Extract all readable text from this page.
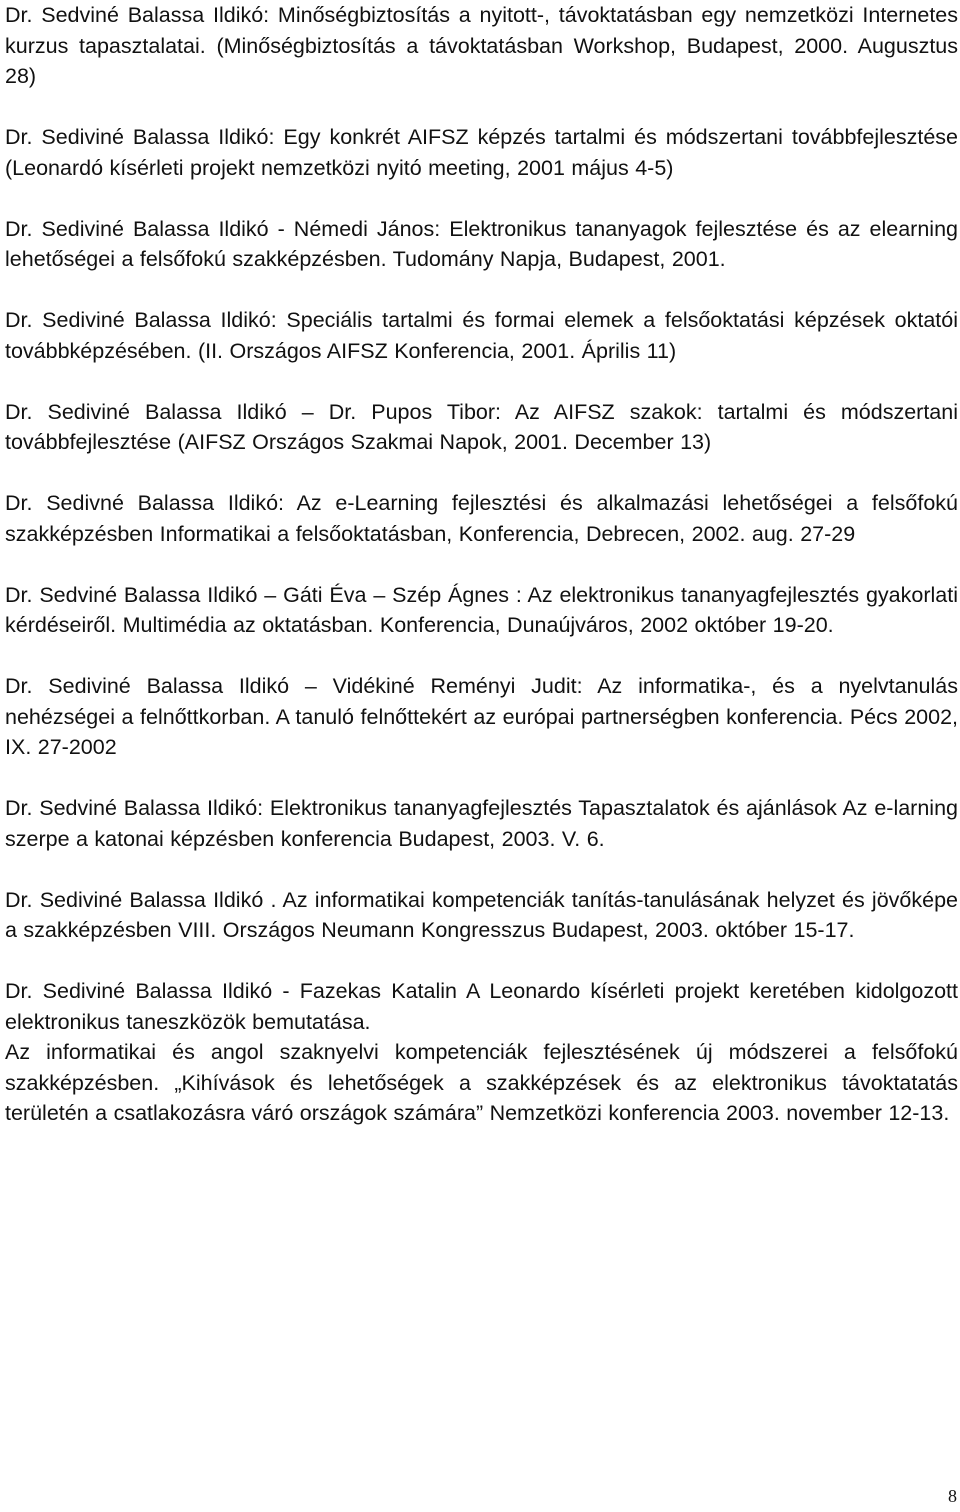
Dr. Sedviné Balassa Ildikó: Minőségbiztosítás a nyitott-, távoktatásban egy nemzetközi Internetes kurzus tapasztalatai. (Minőségbiztosítás a távoktatásban Workshop, Budapest, 2000. Augusztus 28)

Dr. Sediviné Balassa Ildikó: Egy konkrét AIFSZ képzés tartalmi és módszertani továbbfejlesztése (Leonardó kísérleti projekt nemzetközi nyitó meeting, 2001 május 4-5)

Dr. Sediviné Balassa Ildikó - Némedi János: Elektronikus tananyagok fejlesztése és az elearning lehetőségei a felsőfokú szakképzésben. Tudomány Napja, Budapest, 2001.

Dr. Sediviné Balassa Ildikó: Speciális tartalmi és formai elemek a felsőoktatási képzések oktatói továbbképzésében. (II. Országos AIFSZ Konferencia, 2001. Április 11)

Dr. Sediviné Balassa Ildikó – Dr. Pupos Tibor: Az AIFSZ szakok: tartalmi és módszertani továbbfejlesztése (AIFSZ Országos Szakmai Napok, 2001. December 13)

Dr. Sedivné Balassa Ildikó: Az e-Learning fejlesztési és alkalmazási lehetőségei a felsőfokú szakképzésben Informatikai a felsőoktatásban, Konferencia, Debrecen, 2002. aug. 27-29

Dr. Sedviné Balassa Ildikó – Gáti Éva – Szép Ágnes : Az elektronikus tananyagfejlesztés gyakorlati kérdéseiről. Multimédia az oktatásban. Konferencia, Dunaújváros, 2002 október 19-20.

Dr. Sediviné Balassa Ildikó – Vidékiné Reményi Judit: Az informatika-, és a nyelvtanulás nehézségei a felnőttkorban. A tanuló felnőttekért az európai partnerségben konferencia. Pécs 2002, IX. 27-2002

Dr. Sedviné Balassa Ildikó: Elektronikus tananyagfejlesztés Tapasztalatok és ajánlások Az e-larning szerpe a katonai képzésben konferencia Budapest, 2003. V. 6.

Dr. Sediviné Balassa Ildikó . Az informatikai kompetenciák tanítás-tanulásának helyzet és jövőképe a szakképzésben VIII. Országos Neumann Kongresszus Budapest, 2003. október 15-17.

Dr. Sediviné Balassa Ildikó - Fazekas Katalin A Leonardo kísérleti projekt keretében kidolgozott elektronikus taneszközök bemutatása.

Az informatikai és angol szaknyelvi kompetenciák fejlesztésének új módszerei a felsőfokú szakképzésben. „Kihívások és lehetőségek a szakképzések és az elektronikus távoktatatás területén a csatlakozásra váró országok számára” Nemzetközi konferencia 2003. november 12-13.

8
